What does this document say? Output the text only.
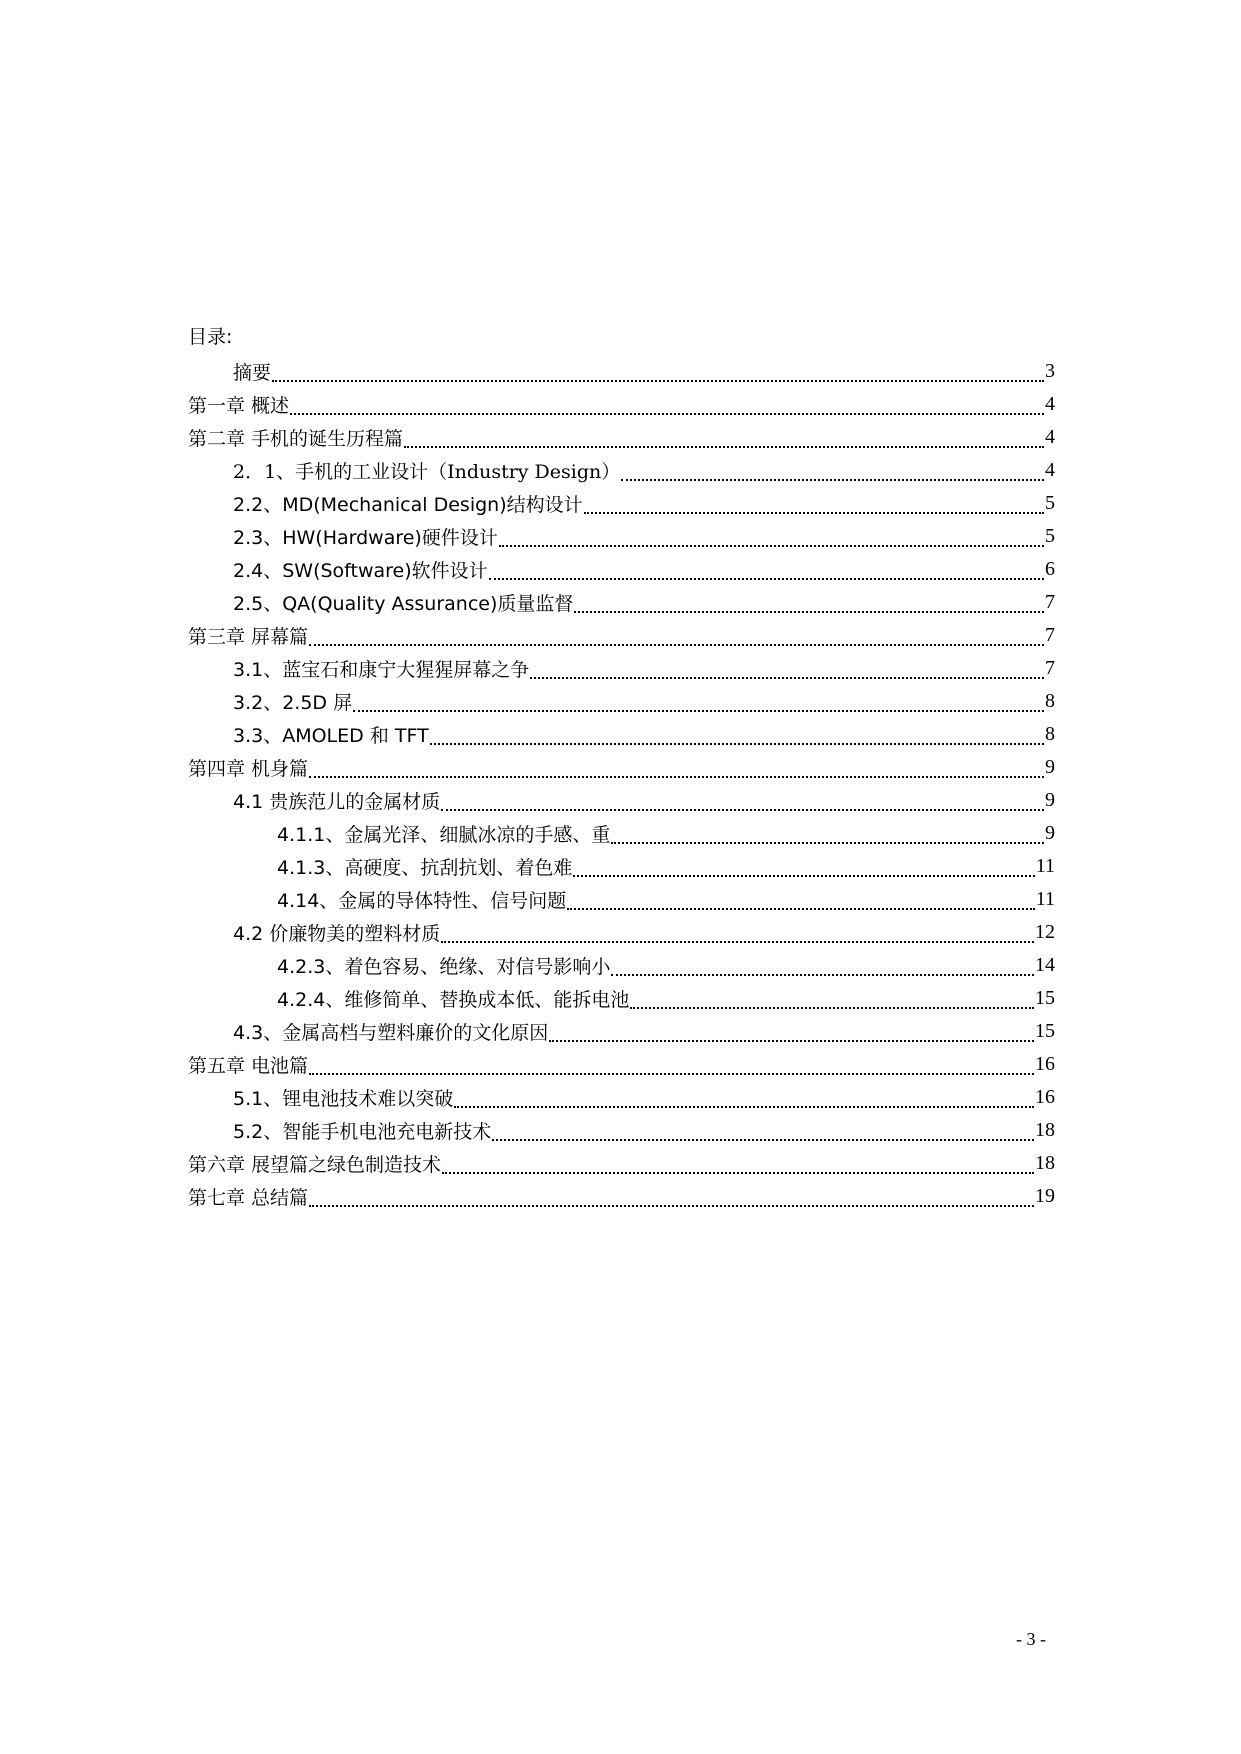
目录:
摘要	3
第一章 概述	4
第二章 手机的诞生历程篇	4
2．1、手机的工业设计（Industry Design）	4
2.2、MD(Mechanical Design)结构设计	5
2.3、HW(Hardware)硬件设计	5
2.4、SW(Software)软件设计	6
2.5、QA(Quality Assurance)质量监督	7
第三章 屏幕篇	7
3.1、蓝宝石和康宁大猩猩屏幕之争	7
3.2、2.5D 屏	8
3.3、AMOLED 和 TFT	8
第四章 机身篇	9
4.1 贵族范儿的金属材质	9
4.1.1、金属光泽、细腻冰凉的手感、重	9
4.1.3、高硬度、抗刮抗划、着色难	11
4.14、金属的导体特性、信号问题	11
4.2 价廉物美的塑料材质	12
4.2.3、着色容易、绝缘、对信号影响小	14
4.2.4、维修简单、替换成本低、能拆电池	15
4.3、金属高档与塑料廉价的文化原因	15
第五章 电池篇	16
5.1、锂电池技术难以突破	16
5.2、智能手机电池充电新技术	18
第六章 展望篇之绿色制造技术	18
第七章 总结篇	19
- 3 -
